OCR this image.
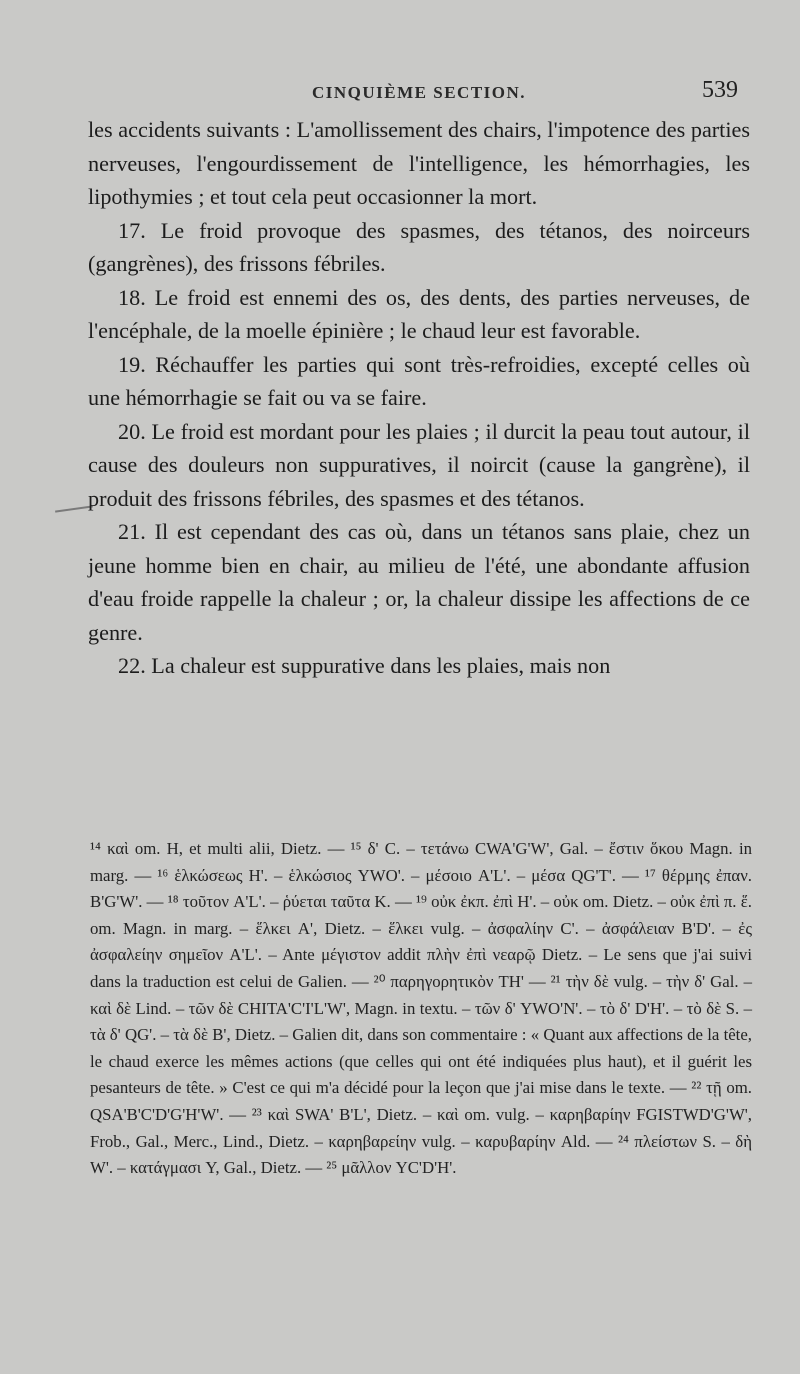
CINQUIÈME SECTION.	539

les accidents suivants : L'amollissement des chairs, l'impotence des parties nerveuses, l'engourdissement de l'intelligence, les hémorrhagies, les lipothymies ; et tout cela peut occasionner la mort.

17. Le froid provoque des spasmes, des tétanos, des noirceurs (gangrènes), des frissons fébriles.

18. Le froid est ennemi des os, des dents, des parties nerveuses, de l'encéphale, de la moelle épinière ; le chaud leur est favorable.

19. Réchauffer les parties qui sont très-refroidies, excepté celles où une hémorrhagie se fait ou va se faire.

20. Le froid est mordant pour les plaies ; il durcit la peau tout autour, il cause des douleurs non suppuratives, il noircit (cause la gangrène), il produit des frissons fébriles, des spasmes et des tétanos.

21. Il est cependant des cas où, dans un tétanos sans plaie, chez un jeune homme bien en chair, au milieu de l'été, une abondante affusion d'eau froide rappelle la chaleur ; or, la chaleur dissipe les affections de ce genre.

22. La chaleur est suppurative dans les plaies, mais non

¹⁴ καὶ om. H, et multi alii, Dietz. — ¹⁵ δ' C. – τετάνω CWA'G'W', Gal. – ἔστιν ὅκου Magn. in marg. — ¹⁶ ἑλκώσεως H'. – ἑλκώσιος YWO'. – μέσοιο A'L'. – μέσα QG'T'. — ¹⁷ θέρμης ἐπαν. B'G'W'. — ¹⁸ τοῦτον A'L'. – ῥύεται ταῦτα K. — ¹⁹ οὐκ ἐκπ. ἐπὶ H'. – οὐκ om. Dietz. – οὐκ ἐπὶ π. ἕ. om. Magn. in marg. – ἕλκει A', Dietz. – ἕλκει vulg. – ἀσφαλίην C'. – ἀσφάλειαν B'D'. – ἐς ἀσφαλείην σημεῖον A'L'. – Ante μέγιστον addit πλὴν ἐπὶ νεαρῷ Dietz. – Le sens que j'ai suivi dans la traduction est celui de Galien. — ²⁰ παρηγορητικὸν TH' — ²¹ τὴν δὲ vulg. – τὴν δ' Gal. – καὶ δὲ Lind. – τῶν δὲ CHITA'C'I'L'W', Magn. in textu. – τῶν δ' YWO'N'. – τὸ δ' D'H'. – τὸ δὲ S. – τὰ δ' QG'. – τὰ δὲ B', Dietz. – Galien dit, dans son commentaire : « Quant aux affections de la tête, le chaud exerce les mêmes actions (que celles qui ont été indiquées plus haut), et il guérit les pesanteurs de tête. » C'est ce qui m'a décidé pour la leçon que j'ai mise dans le texte. — ²² τῇ om. QSA'B'C'D'G'H'W'. — ²³ καὶ SWA' B'L', Dietz. – καὶ om. vulg. – καρηβαρίην FGISTWD'G'W', Frob., Gal., Merc., Lind., Dietz. – καρηβαρείην vulg. – καρυβαρίην Ald. — ²⁴ πλείστων S. – δὴ W'. – κατάγμασι Y, Gal., Dietz. — ²⁵ μᾶλλον YC'D'H'.
